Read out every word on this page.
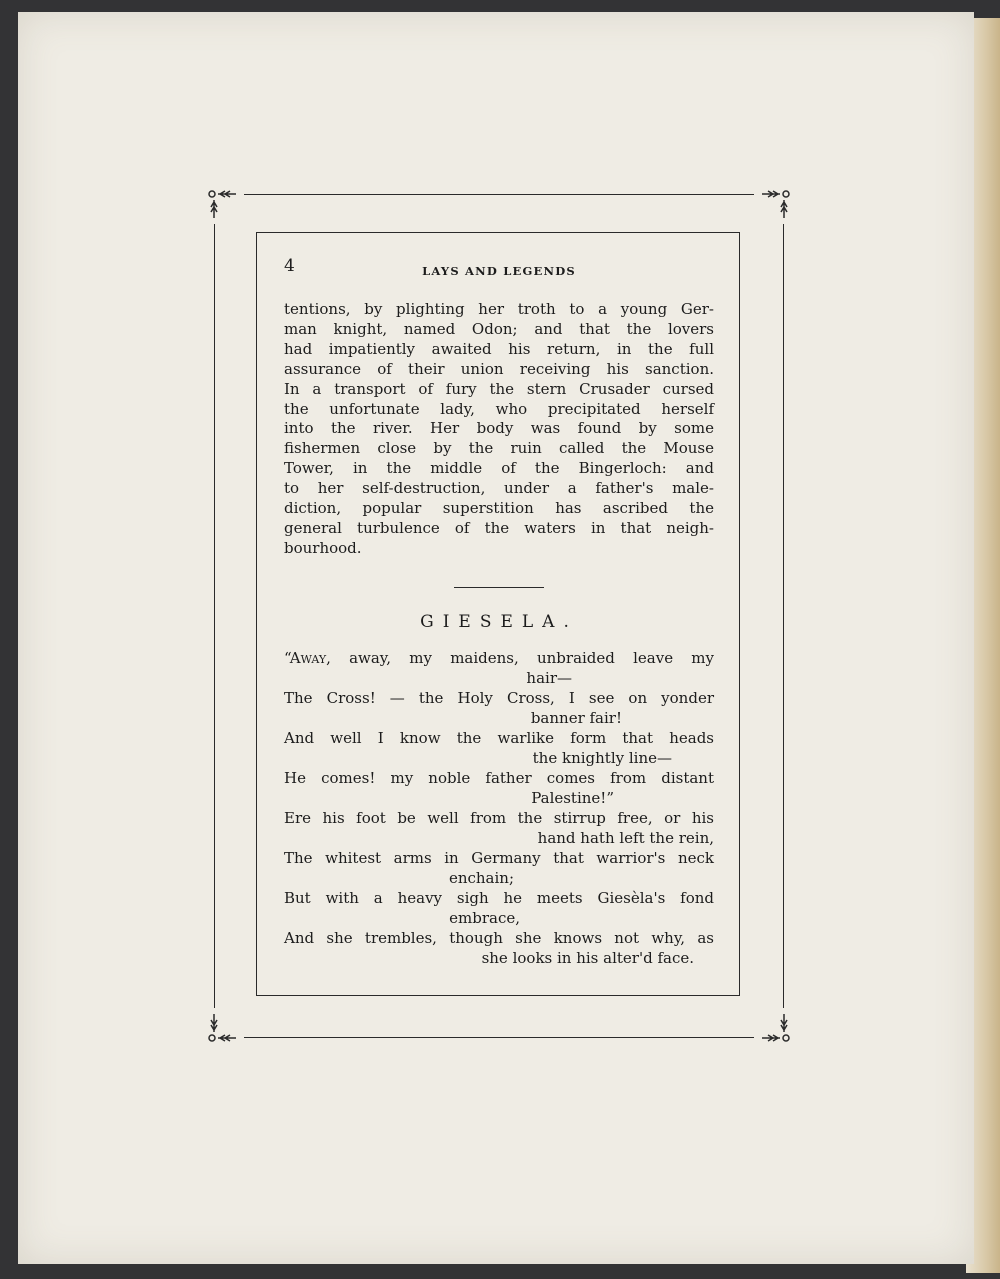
4	LAYS AND LEGENDS
tentions, by plighting her troth to a young Ger-
man knight, named Odon; and that the lovers
had impatiently awaited his return, in the full
assurance of their union receiving his sanction.
In a transport of fury the stern Crusader cursed
the unfortunate lady, who precipitated herself
into the river. Her body was found by some
fishermen close by the ruin called the Mouse
Tower, in the middle of the Bingerloch: and
to her self-destruction, under a father's male-
diction, popular superstition has ascribed the
general turbulence of the waters in that neigh-
bourhood.
GIESELA.
“Away, away, my maidens, unbraided leave my
hair—
The Cross! — the Holy Cross, I see on yonder
banner fair!
And well I know the warlike form that heads
the knightly line—
He comes! my noble father comes from distant
Palestine!”
Ere his foot be well from the stirrup free, or his
hand hath left the rein,
The whitest arms in Germany that warrior's neck
enchain;
But with a heavy sigh he meets Giesèla's fond
embrace,
And she trembles, though she knows not why, as
she looks in his alter'd face.
